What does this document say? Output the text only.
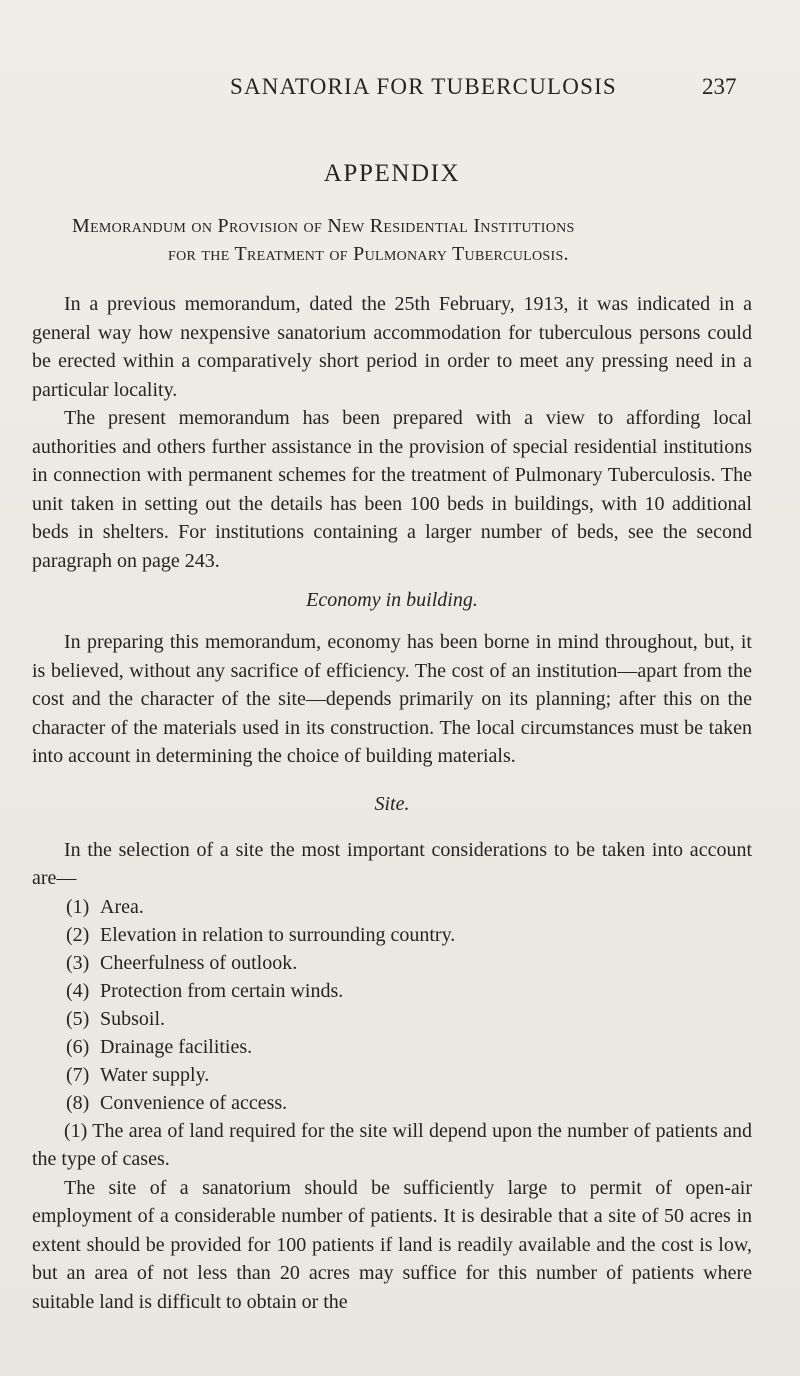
SANATORIA FOR TUBERCULOSIS	237
APPENDIX
Memorandum on Provision of New Residential Institutions
for the Treatment of Pulmonary Tuberculosis.

In a previous memorandum, dated the 25th February, 1913, it was indicated in a general way how nexpensive sanatorium accommodation for tuberculous persons could be erected within a comparatively short period in order to meet any pressing need in a particular locality.

The present memorandum has been prepared with a view to affording local authorities and others further assistance in the provision of special residential institutions in connection with permanent schemes for the treatment of Pulmonary Tuberculosis. The unit taken in setting out the details has been 100 beds in buildings, with 10 additional beds in shelters. For institutions containing a larger number of beds, see the second paragraph on page 243.

Economy in building.

In preparing this memorandum, economy has been borne in mind throughout, but, it is believed, without any sacrifice of efficiency. The cost of an institution—apart from the cost and the character of the site—depends primarily on its planning; after this on the character of the materials used in its construction. The local circumstances must be taken into account in determining the choice of building materials.

Site.

In the selection of a site the most important considerations to be taken into account are—

(1) Area.
(2) Elevation in relation to surrounding country.
(3) Cheerfulness of outlook.
(4) Protection from certain winds.
(5) Subsoil.
(6) Drainage facilities.
(7) Water supply.
(8) Convenience of access.

(1) The area of land required for the site will depend upon the number of patients and the type of cases.

The site of a sanatorium should be sufficiently large to permit of open-air employment of a considerable number of patients. It is desirable that a site of 50 acres in extent should be provided for 100 patients if land is readily available and the cost is low, but an area of not less than 20 acres may suffice for this number of patients where suitable land is difficult to obtain or the
